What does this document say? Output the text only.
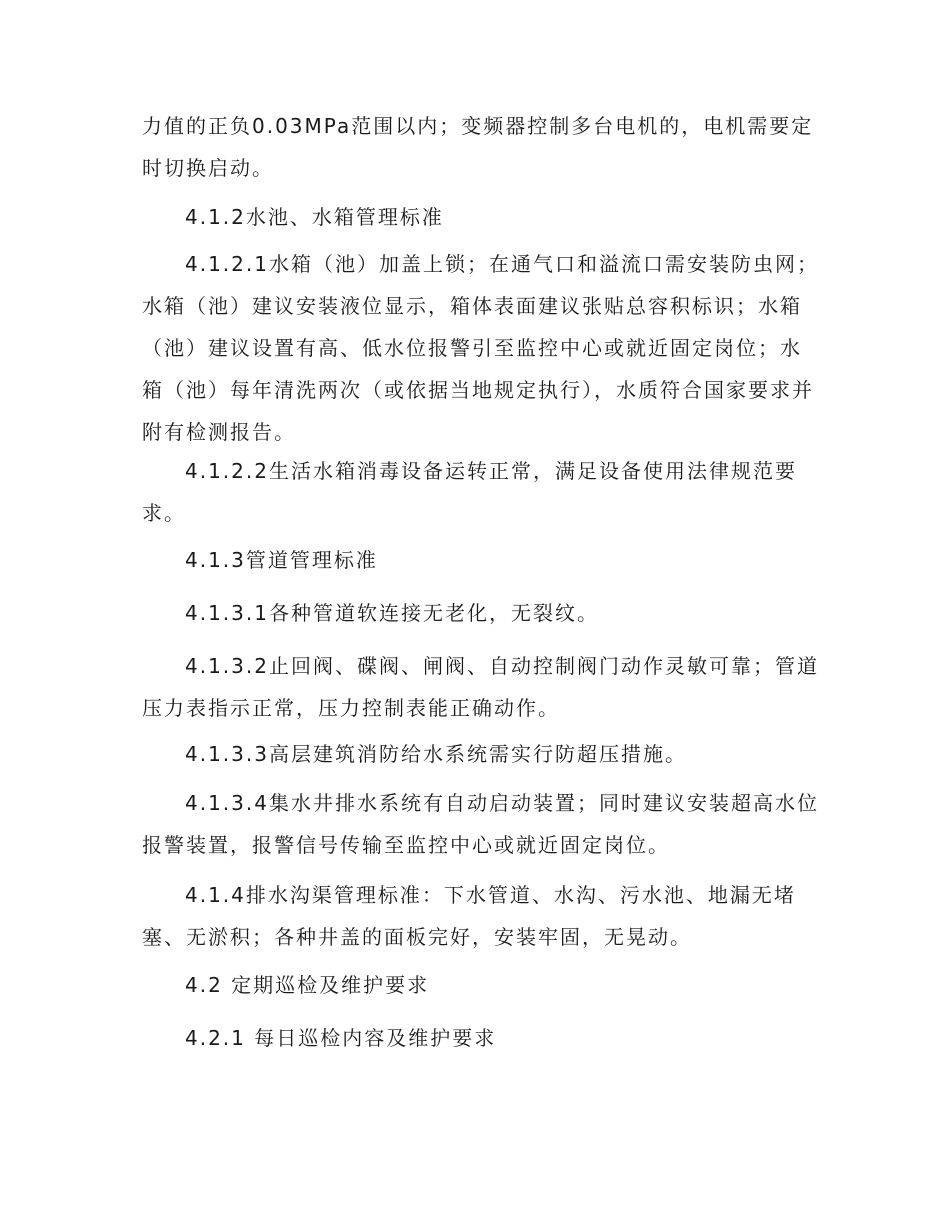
力值的正负0.03MPa范围以内；变频器控制多台电机的，电机需要定时切换启动。

4.1.2水池、水箱管理标准

4.1.2.1水箱（池）加盖上锁；在通气口和溢流口需安装防虫网；水箱（池）建议安装液位显示，箱体表面建议张贴总容积标识；水箱（池）建议设置有高、低水位报警引至监控中心或就近固定岗位；水箱（池）每年清洗两次（或依据当地规定执行），水质符合国家要求并附有检测报告。

4.1.2.2生活水箱消毒设备运转正常，满足设备使用法律规范要求。

4.1.3管道管理标准

4.1.3.1各种管道软连接无老化，无裂纹。

4.1.3.2止回阀、碟阀、闸阀、自动控制阀门动作灵敏可靠；管道压力表指示正常，压力控制表能正确动作。

4.1.3.3高层建筑消防给水系统需实行防超压措施。

4.1.3.4集水井排水系统有自动启动装置；同时建议安装超高水位报警装置，报警信号传输至监控中心或就近固定岗位。

4.1.4排水沟渠管理标准：下水管道、水沟、污水池、地漏无堵塞、无淤积；各种井盖的面板完好，安装牢固，无晃动。

4.2 定期巡检及维护要求

4.2.1 每日巡检内容及维护要求
